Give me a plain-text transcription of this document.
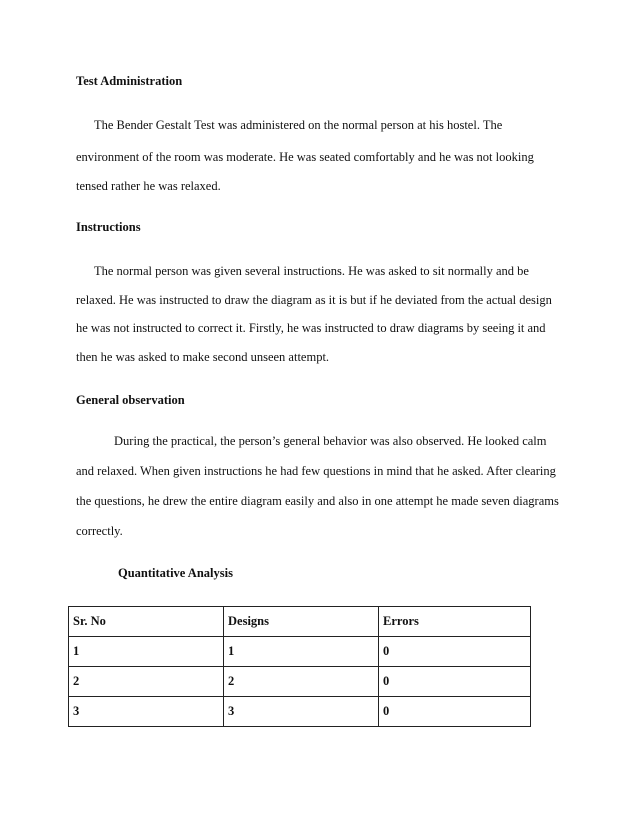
Test Administration
The Bender Gestalt Test was administered on the normal person at his hostel. The
environment of the room was moderate. He was seated comfortably and he was not looking
tensed rather he was relaxed.
Instructions
The normal person was given several instructions. He was asked to sit normally and be
relaxed. He was instructed to draw the diagram as it is but if he deviated from the actual design
he was not instructed to correct it. Firstly, he was instructed to draw diagrams by seeing it and
then he was asked to make second unseen attempt.
General observation
During the practical, the person’s general behavior was also observed. He looked calm
and relaxed. When given instructions he had few questions in mind that he asked. After clearing
the questions, he drew the entire diagram easily and also in one attempt he made seven diagrams
correctly.
Quantitative Analysis
Sr. No	Designs	Errors
1	1	0
2	2	0
3	3	0
